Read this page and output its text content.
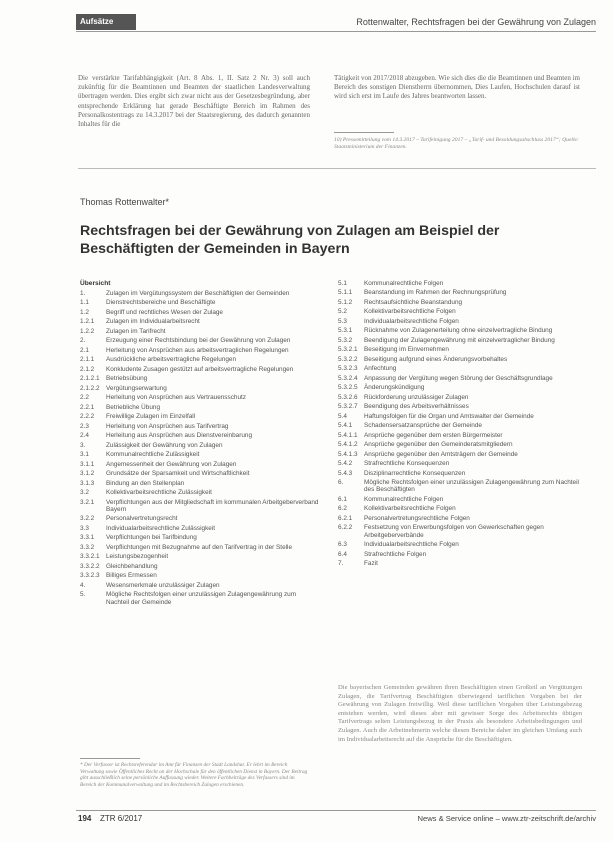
Aufsätze	Rottenwalter, Rechtsfragen bei der Gewährung von Zulagen
Die verstärkte Tarifabhängigkeit (Art. 8 Abs. 1, II. Satz 2 Nr. 3) soll auch zukünftig für die Beamtinnen und Beamten der staatlichen Landesverwaltung übertragen werden. Dies ergibt sich zwar nicht aus der Gesetzesbegründung, aber entsprechende Erklärung hat gerade Beschäftigte Bereich im Rahmen des Personalkostentrags zu 14.3.2017 bei der Staatsregierung, des dadurch genannten Inhaltes für die
Tätigkeit von 2017/2018 abzugeben. Wie sich dies die die Beamtinnen und Beamten im Bereich des sonstigen Dienstherrn übernommen, Dies Laufen, Hochschulen darauf ist wird sich erst im Laufe des Jahres beantworten lassen.
10) Pressemitteilung vom 14.3.2017 – Tarifeinigung 2017 – „Tarif- und Besoldungsabschluss 2017“; Quelle: Staatsministerium der Finanzen.
Thomas Rottenwalter*
Rechtsfragen bei der Gewährung von Zulagen am Beispiel der Beschäftigten der Gemeinden in Bayern
Übersicht
1.	Zulagen im Vergütungssystem der Beschäftigten der Gemeinden
1.1	Dienstrechtsbereiche und Beschäftigte
1.2	Begriff und rechtliches Wesen der Zulage
1.2.1	Zulagen im Individualarbeitsrecht
1.2.2	Zulagen im Tarifrecht
2.	Erzeugung einer Rechtsbindung bei der Gewährung von Zulagen
2.1	Herleitung von Ansprüchen aus arbeitsvertraglichen Regelungen
2.1.1	Ausdrückliche arbeitsvertragliche Regelungen
2.1.2	Konkludente Zusagen gestützt auf arbeitsvertragliche Regelungen
2.1.2.1	Betriebsübung
2.1.2.2	Vergütungserwartung
2.2	Herleitung von Ansprüchen aus Vertrauensschutz
2.2.1	Betriebliche Übung
2.2.2	Freiwillige Zulagen im Einzelfall
2.3	Herleitung von Ansprüchen aus Tarifvertrag
2.4	Herleitung aus Ansprüchen aus Dienstvereinbarung
3.	Zulässigkeit der Gewährung von Zulagen
3.1	Kommunalrechtliche Zulässigkeit
3.1.1	Angemessenheit der Gewährung von Zulagen
3.1.2	Grundsätze der Sparsamkeit und Wirtschaftlichkeit
3.1.3	Bindung an den Stellenplan
3.2	Kollektivarbeitsrechtliche Zulässigkeit
3.2.1	Verpflichtungen aus der Mitgliedschaft im kommunalen Arbeitgeberverband Bayern
3.2.2	Personalvertretungsrecht
3.3	Individualarbeitsrechtliche Zulässigkeit
3.3.1	Verpflichtungen bei Tarifbindung
3.3.2	Verpflichtungen mit Bezugnahme auf den Tarifvertrag in der Stelle
3.3.2.1	Leistungsbezogenheit
3.3.2.2	Gleichbehandlung
3.3.2.3	Billiges Ermessen
4.	Wesensmerkmale unzulässiger Zulagen
5.	Mögliche Rechtsfolgen einer unzulässigen Zulagengewährung zum Nachteil der Gemeinde
5.1	Kommunalrechtliche Folgen
5.1.1	Beanstandung im Rahmen der Rechnungsprüfung
5.1.2	Rechtsaufsichtliche Beanstandung
5.2	Kollektivarbeitsrechtliche Folgen
5.3	Individualarbeitsrechtliche Folgen
5.3.1	Rücknahme von Zulagenerteilung ohne einzelvertragliche Bindung
5.3.2	Beendigung der Zulagengewährung mit einzelvertraglicher Bindung
5.3.2.1	Beseitigung im Einvernehmen
5.3.2.2	Beseitigung aufgrund eines Änderungsvorbehaltes
5.3.2.3	Anfechtung
5.3.2.4	Anpassung der Vergütung wegen Störung der Geschäftsgrundlage
5.3.2.5	Änderungskündigung
5.3.2.6	Rückforderung unzulässiger Zulagen
5.3.2.7	Beendigung des Arbeitsverhältnisses
5.4	Haftungsfolgen für die Organ und Amtswalter der Gemeinde
5.4.1	Schadensersatzansprüche der Gemeinde
5.4.1.1	Ansprüche gegenüber dem ersten Bürgermeister
5.4.1.2	Ansprüche gegenüber den Gemeinderatsmitgliedern
5.4.1.3	Ansprüche gegenüber den Amtsträgern der Gemeinde
5.4.2	Strafrechtliche Konsequenzen
5.4.3	Disziplinarrechtliche Konsequenzen
6.	Mögliche Rechtsfolgen einer unzulässigen Zulagengewährung zum Nachteil des Beschäftigten
6.1	Kommunalrechtliche Folgen
6.2	Kollektivarbeitsrechtliche Folgen
6.2.1	Personalvertretungsrechtliche Folgen
6.2.2	Festsetzung von Erwerbungsfolgen von Gewerkschaften gegen Arbeitgeberverbände
6.3	Individualarbeitsrechtliche Folgen
6.4	Strafrechtliche Folgen
7.	Fazit
Die bayerischen Gemeinden gewähren ihren Beschäftigten einen Großteil an Vergütungen Zulagen, die Tarifvertrag Beschäftigten überwiegend tariflichen Vorgaben bei der Gewährung von Zulagen freiwillig. Weil diese tariflichen Vorgaben über Leistungsbezug entstehen werden, wird dieses aber mit gewisser Sorge des Arbeitsrechts übtigen Tarifvertrags selten Leistungsbezug in der Praxis als besondere Arbeitsbedingungen und Zulagen. Auch die Arbeitnehmerin welche diesen Bereiche daher im gleichen Umfang auch im Individualarbeitsrecht auf die Ansprüche für die Beschäftigten.
* Der Verfasser ist Rechtsreferendar im Amt für Finanzen der Stadt Landshut. Er lehrt im Bereich Verwaltung sowie Öffentliches Recht an der Hochschule für den öffentlichen Dienst in Bayern. Der Beitrag gibt ausschließlich seine persönliche Auffassung wieder. Weitere Fachbeiträge des Verfassers sind im Bereich der Kommunalverwaltung und im Rechtsbereich Zulagen erschienen.
194 ZTR 6/2017	News & Service online – www.ztr-zeitschrift.de/archiv
